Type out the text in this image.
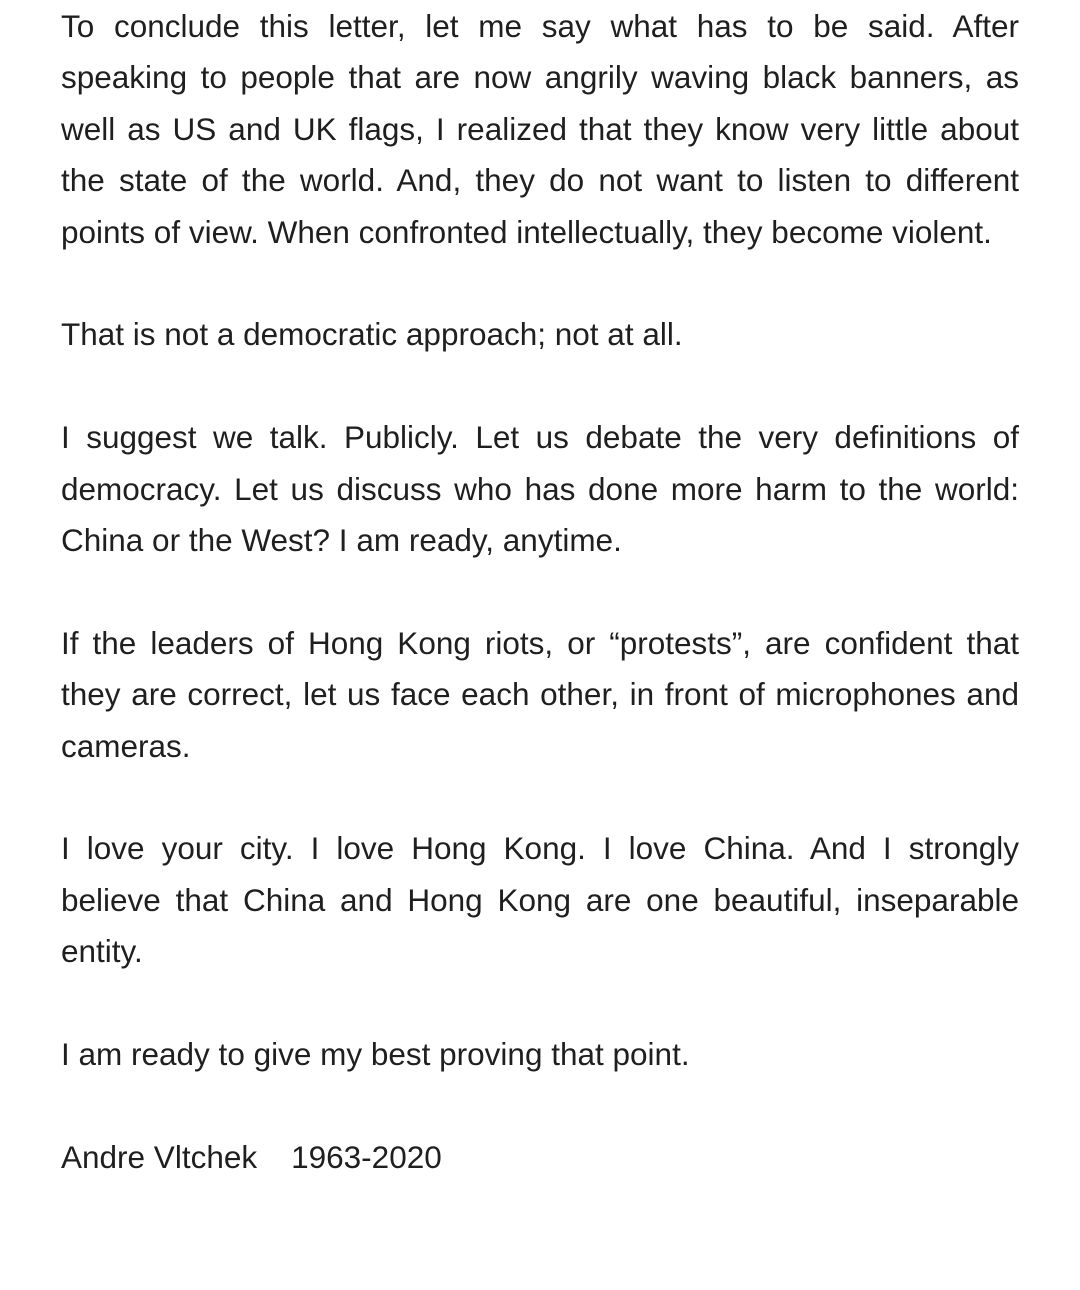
To conclude this letter, let me say what has to be said. After speaking to people that are now angrily waving black banners, as well as US and UK flags, I realized that they know very little about the state of the world. And, they do not want to listen to different points of view. When confronted intellectually, they become violent.

That is not a democratic approach; not at all.

I suggest we talk. Publicly. Let us debate the very definitions of democracy. Let us discuss who has done more harm to the world: China or the West? I am ready, anytime.

If the leaders of Hong Kong riots, or “protests”, are confident that they are correct, let us face each other, in front of microphones and cameras.

I love your city. I love Hong Kong. I love China. And I strongly believe that China and Hong Kong are one beautiful, inseparable entity.

I am ready to give my best proving that point.

Andre Vltchek 1963-2020
